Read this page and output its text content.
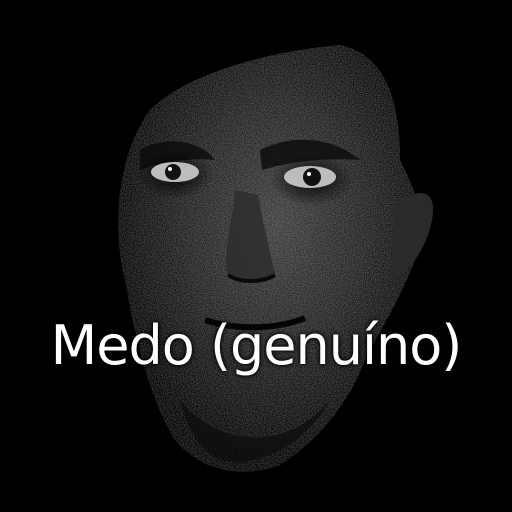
Medo (genuíno)
